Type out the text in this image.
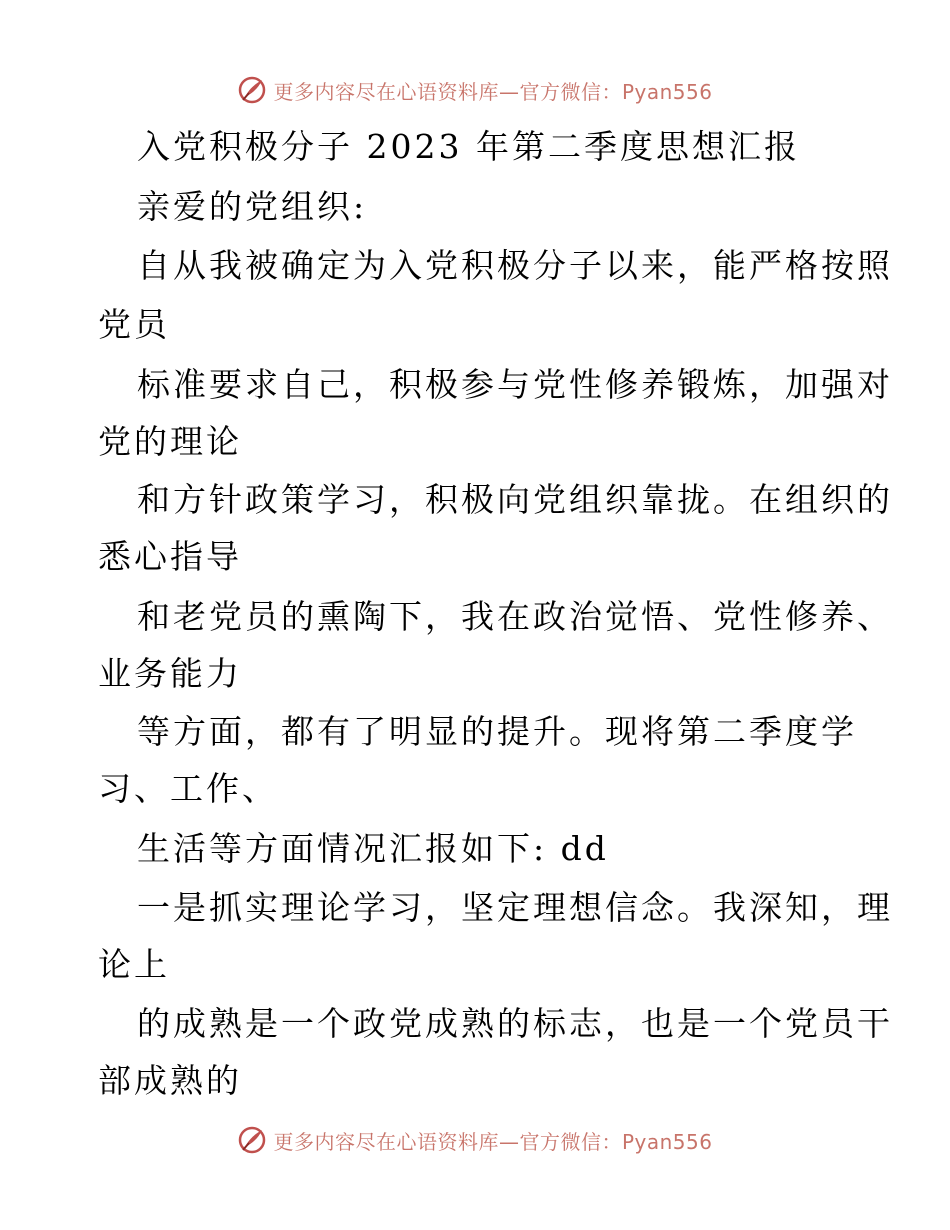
更多内容尽在心语资料库—官方微信：Pyan556
入党积极分子 2023 年第二季度思想汇报
亲爱的党组织:
自从我被确定为入党积极分子以来，能严格按照
党员
标准要求自己，积极参与党性修养锻炼，加强对
党的理论
和方针政策学习，积极向党组织靠拢。在组织的
悉心指导
和老党员的熏陶下，我在政治觉悟、党性修养、
业务能力
等方面，都有了明显的提升。现将第二季度学
习、工作、
生活等方面情况汇报如下: dd
一是抓实理论学习，坚定理想信念。我深知，理
论上
的成熟是一个政党成熟的标志，也是一个党员干
部成熟的
更多内容尽在心语资料库—官方微信：Pyan556
